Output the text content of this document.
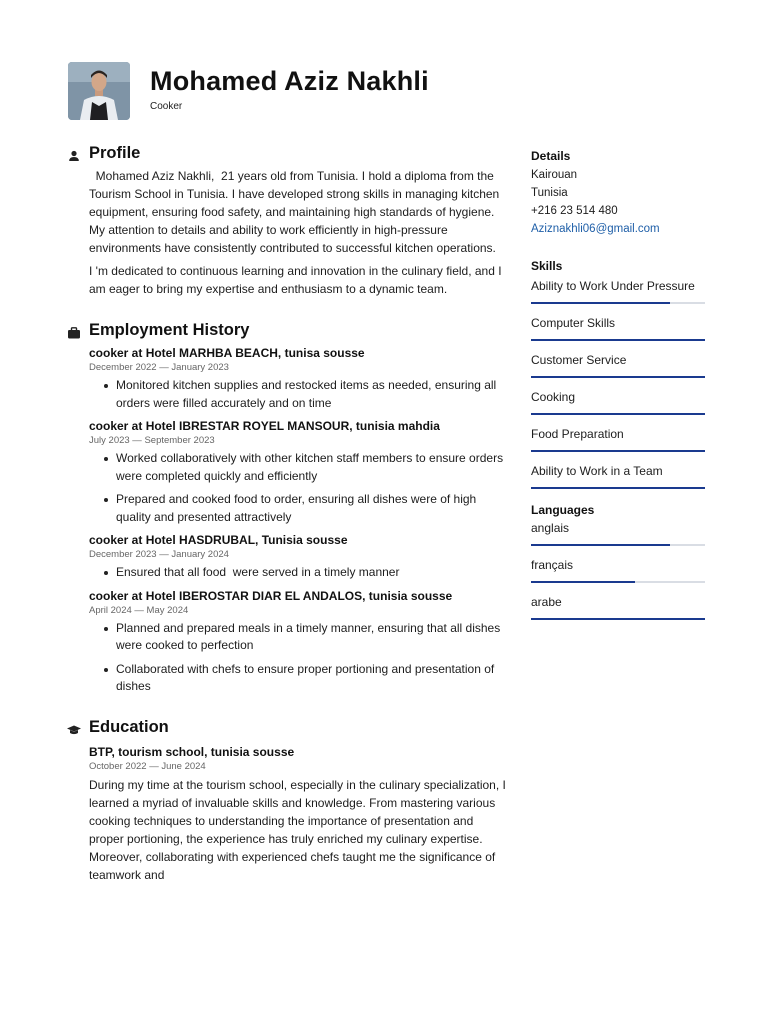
Mohamed Aziz Nakhli
Cooker
Profile

Mohamed Aziz Nakhli,  21 years old from Tunisia. I hold a diploma from the Tourism School in Tunisia. I have developed strong skills in managing kitchen equipment, ensuring food safety, and maintaining high standards of hygiene. My attention to details and ability to work efficiently in high-pressure environments have consistently contributed to successful kitchen operations.

I 'm dedicated to continuous learning and innovation in the culinary field, and I am eager to bring my expertise and enthusiasm to a dynamic team.

Employment History
cooker at Hotel MARHBA BEACH, tunisa sousse
December 2022 — January 2023
Monitored kitchen supplies and restocked items as needed, ensuring all orders were filled accurately and on time
cooker at Hotel IBRESTAR ROYEL MANSOUR, tunisia mahdia
July 2023 — September 2023
Worked collaboratively with other kitchen staff members to ensure orders were completed quickly and efficiently
Prepared and cooked food to order, ensuring all dishes were of high quality and presented attractively
cooker at Hotel HASDRUBAL, Tunisia sousse
December 2023 — January 2024
Ensured that all food  were served in a timely manner
cooker at Hotel IBEROSTAR DIAR EL ANDALOS, tunisia sousse
April 2024 — May 2024
Planned and prepared meals in a timely manner, ensuring that all dishes were cooked to perfection
Collaborated with chefs to ensure proper portioning and presentation of dishes
Education
BTP, tourism school, tunisia sousse
October 2022 — June 2024
During my time at the tourism school, especially in the culinary specialization, I learned a myriad of invaluable skills and knowledge. From mastering various cooking techniques to understanding the importance of presentation and proper portioning, the experience has truly enriched my culinary expertise. Moreover, collaborating with experienced chefs taught me the significance of teamwork and
Details
Kairouan
Tunisia
+216 23 514 480
Aziznakhli06@gmail.com
Skills
Ability to Work Under Pressure
Computer Skills
Customer Service
Cooking
Food Preparation
Ability to Work in a Team
Languages
anglais
français
arabe
